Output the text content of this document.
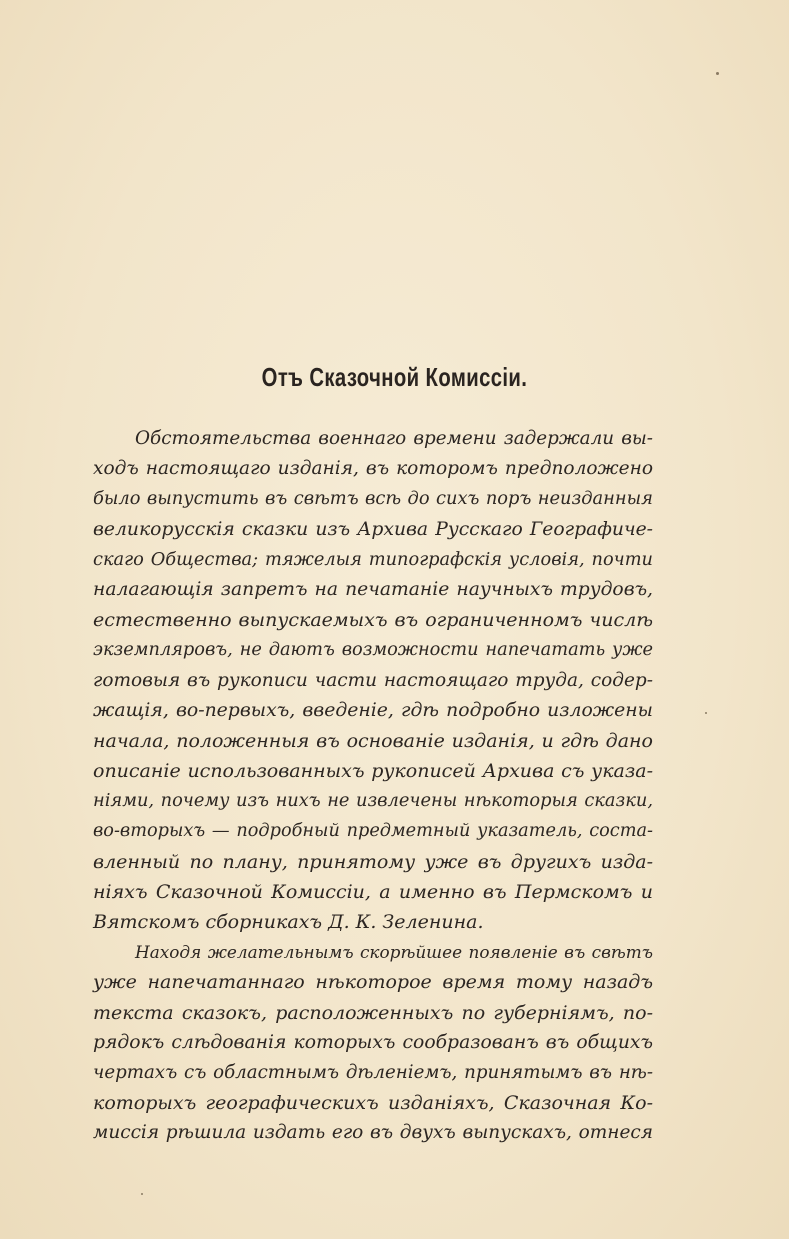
Отъ Сказочной Комиссіи.
Обстоятельства военнаго времени задержали вы-
ходъ настоящаго изданія, въ которомъ предположено
было выпустить въ свѣтъ всѣ до сихъ поръ неизданныя
великорусскія сказки изъ Архива Русскаго Географиче-
скаго Общества; тяжелыя типографскія условія, почти
налагающія запретъ на печатаніе научныхъ трудовъ,
естественно выпускаемыхъ въ ограниченномъ числѣ
экземпляровъ, не даютъ возможности напечатать уже
готовыя въ рукописи части настоящаго труда, содер-
жащія, во-первыхъ, введеніе, гдѣ подробно изложены
начала, положенныя въ основаніе изданія, и гдѣ дано
описаніе использованныхъ рукописей Архива съ указа-
ніями, почему изъ нихъ не извлечены нѣкоторыя сказки,
во-вторыхъ — подробный предметный указатель, соста-
вленный по плану, принятому уже въ другихъ изда-
ніяхъ Сказочной Комиссіи, а именно въ Пермскомъ и
Вятскомъ сборникахъ Д. К. Зеленина.
Находя желательнымъ скорѣйшее появленіе въ свѣтъ
уже напечатаннаго нѣкоторое время тому назадъ
текста сказокъ, расположенныхъ по губерніямъ, по-
рядокъ слѣдованія которыхъ сообразованъ въ общихъ
чертахъ съ областнымъ дѣленіемъ, принятымъ въ нѣ-
которыхъ географическихъ изданіяхъ, Сказочная Ко-
миссія рѣшила издать его въ двухъ выпускахъ, отнеся
